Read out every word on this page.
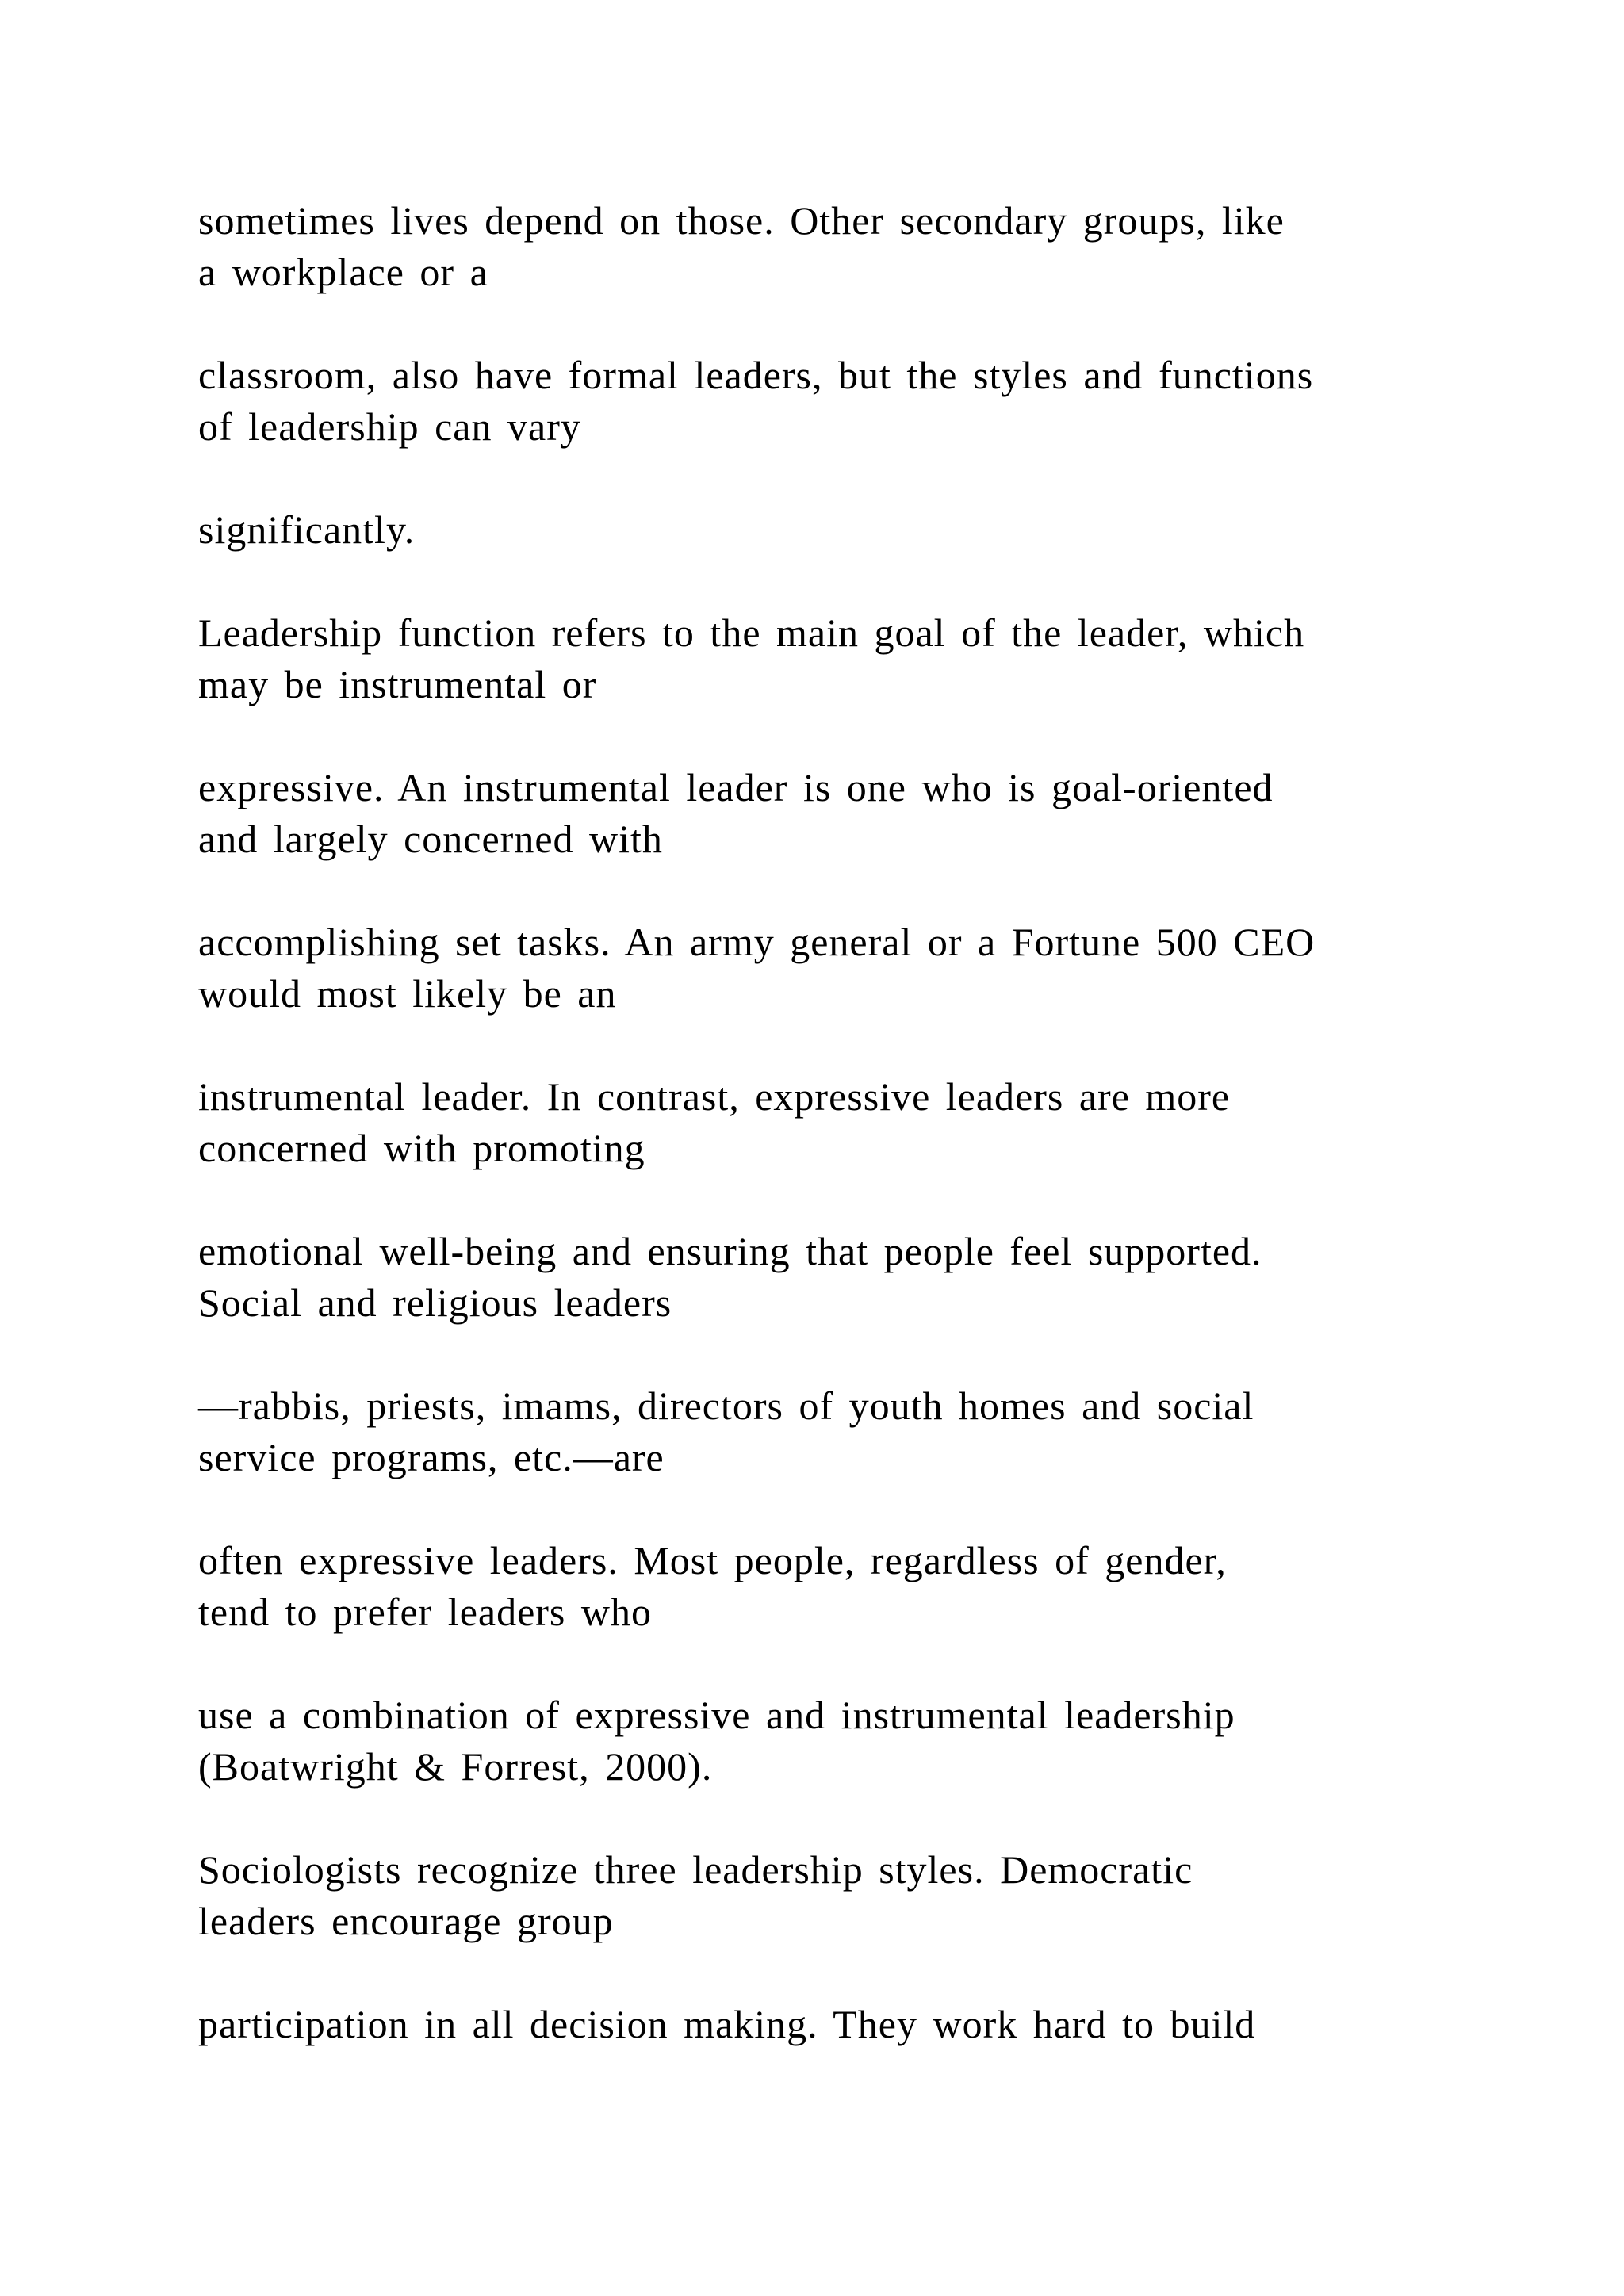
sometimes lives depend on those. Other secondary groups, like
a workplace or a

classroom, also have formal leaders, but the styles and functions
of leadership can vary

significantly.

Leadership function refers to the main goal of the leader, which
may be instrumental or

expressive. An instrumental leader is one who is goal-oriented
and largely concerned with

accomplishing set tasks. An army general or a Fortune 500 CEO
would most likely be an

instrumental leader. In contrast, expressive leaders are more
concerned with promoting

emotional well-being and ensuring that people feel supported.
Social and religious leaders

—rabbis, priests, imams, directors of youth homes and social
service programs, etc.—are

often expressive leaders. Most people, regardless of gender,
tend to prefer leaders who

use a combination of expressive and instrumental leadership
(Boatwright & Forrest, 2000).

Sociologists recognize three leadership styles. Democratic
leaders encourage group

participation in all decision making. They work hard to build
